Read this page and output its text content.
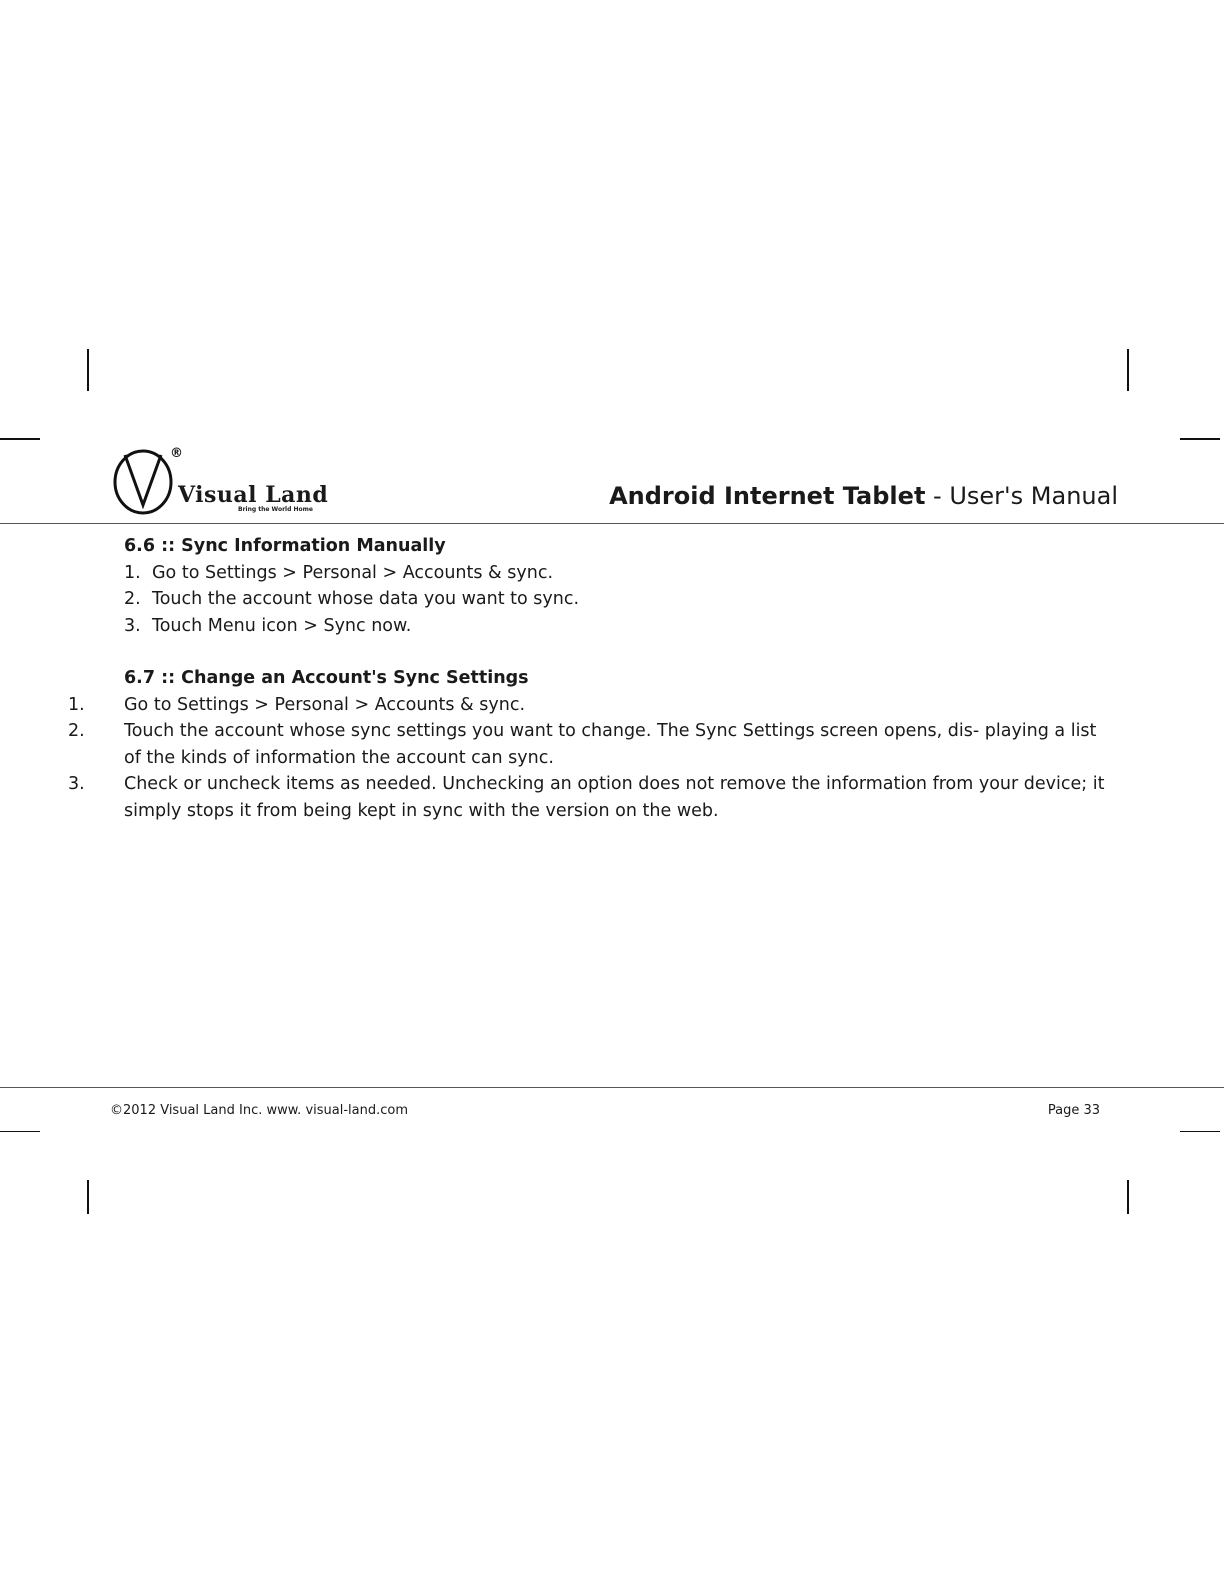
®
Visual Land
Bring the World Home	Android Internet Tablet - User's Manual
6.6 :: Sync Information Manually
1. Go to Settings > Personal > Accounts & sync.
2. Touch the account whose data you want to sync.
3. Touch Menu icon > Sync now.
6.7 :: Change an Account's Sync Settings
1. Go to Settings > Personal > Accounts & sync.
2. Touch the account whose sync settings you want to change. The Sync Settings screen opens, dis- playing a list of the kinds of information the account can sync.
3. Check or uncheck items as needed. Unchecking an option does not remove the information from your device; it simply stops it from being kept in sync with the version on the web.
©2012 Visual Land Inc. www. visual-land.com	Page 33
